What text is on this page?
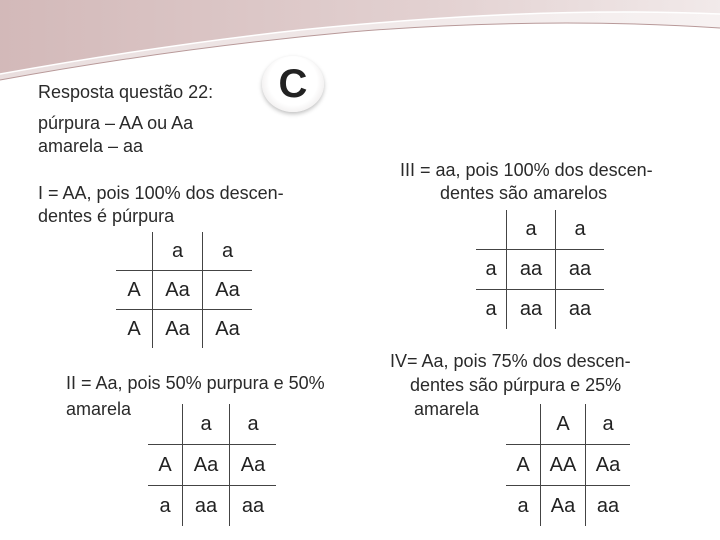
Resposta questão 22:	C
púrpura – AA ou Aa
amarela – aa
I = AA, pois 100% dos descen-
dentes é púrpura
	a	a
A	Aa	Aa
A	Aa	Aa
III = aa, pois 100% dos descen-
dentes são amarelos
	a	a
a	aa	aa
a	aa	aa
II = Aa, pois 50% purpura e 50%
amarela
	a	a
A	Aa	Aa
a	aa	aa
IV= Aa, pois 75% dos descen-
dentes são púrpura e 25%
amarela
	A	a
A	AA	Aa
a	Aa	aa
